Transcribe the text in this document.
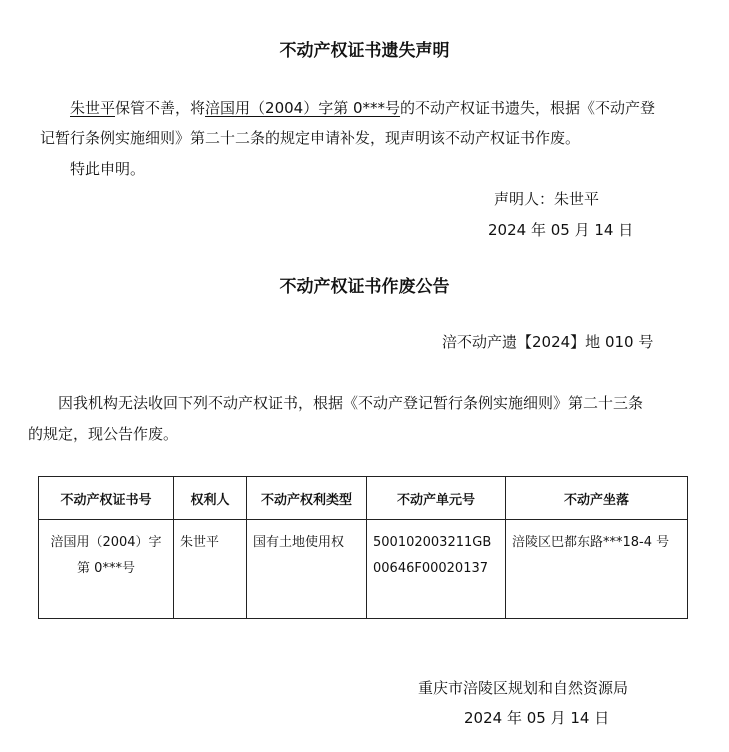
不动产权证书遗失声明
朱世平保管不善，将涪国用（2004）字第 0***号的不动产权证书遗失，根据《不动产登
记暂行条例实施细则》第二十二条的规定申请补发，现声明该不动产权证书作废。
特此申明。
声明人：朱世平
2024 年 05 月 14 日
不动产权证书作废公告
涪不动产遗【2024】地 010 号
因我机构无法收回下列不动产权证书，根据《不动产登记暂行条例实施细则》第二十三条
的规定，现公告作废。
不动产权证书号	权利人	不动产权利类型	不动产单元号	不动产坐落
涪国用（2004）字第 0***号	朱世平	国有土地使用权	500102003211GB00646F00020137	涪陵区巴都东路***18-4 号
重庆市涪陵区规划和自然资源局
2024 年 05 月 14 日
